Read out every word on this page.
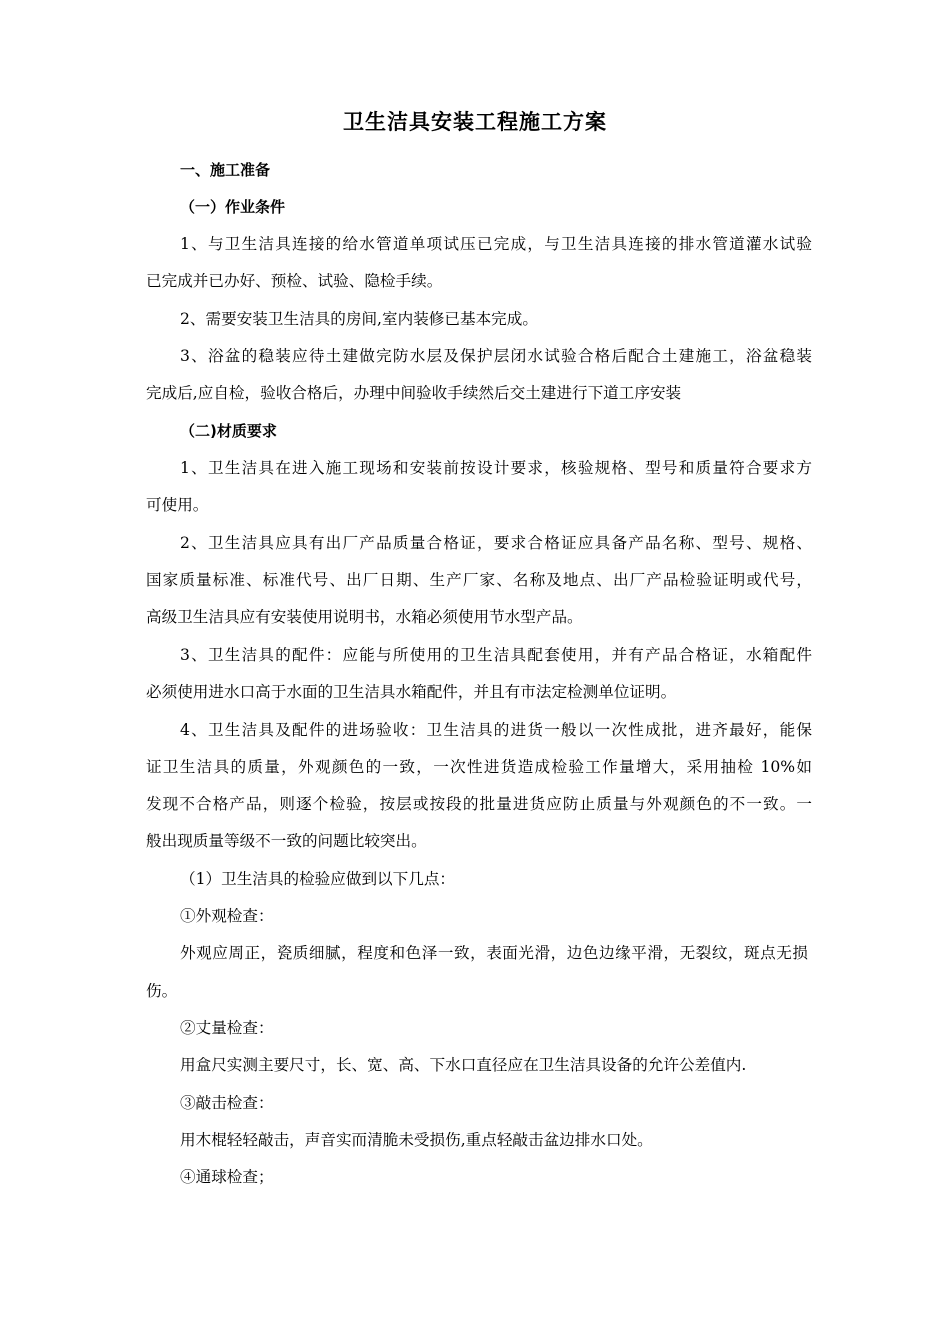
卫生洁具安装工程施工方案
一、施工准备
（一）作业条件
1、与卫生洁具连接的给水管道单项试压已完成，与卫生洁具连接的排水管道灌水试验
已完成并已办好、预检、试验、隐检手续。
2、需要安装卫生洁具的房间,室内装修已基本完成。
3、浴盆的稳装应待土建做完防水层及保护层闭水试验合格后配合土建施工，浴盆稳装
完成后,应自检，验收合格后，办理中间验收手续然后交土建进行下道工序安装
（二)材质要求
1、卫生洁具在进入施工现场和安装前按设计要求，核验规格、型号和质量符合要求方
可使用。
2、卫生洁具应具有出厂产品质量合格证，要求合格证应具备产品名称、型号、规格、
国家质量标准、标准代号、出厂日期、生产厂家、名称及地点、出厂产品检验证明或代号，
高级卫生洁具应有安装使用说明书，水箱必须使用节水型产品。
3、卫生洁具的配件：应能与所使用的卫生洁具配套使用，并有产品合格证，水箱配件
必须使用进水口高于水面的卫生洁具水箱配件，并且有市法定检测单位证明。
4、卫生洁具及配件的进场验收：卫生洁具的进货一般以一次性成批，进齐最好，能保
证卫生洁具的质量，外观颜色的一致，一次性进货造成检验工作量增大，采用抽检 10%如
发现不合格产品，则逐个检验，按层或按段的批量进货应防止质量与外观颜色的不一致。一
般出现质量等级不一致的问题比较突出。
（1）卫生洁具的检验应做到以下几点：
①外观检查：
外观应周正，瓷质细腻，程度和色泽一致，表面光滑，边色边缘平滑，无裂纹，斑点无损
伤。
②丈量检查：
用盒尺实测主要尺寸，长、宽、高、下水口直径应在卫生洁具设备的允许公差值内.
③敲击检查：
用木棍轻轻敲击，声音实而清脆未受损伤,重点轻敲击盆边排水口处。
④通球检查；
